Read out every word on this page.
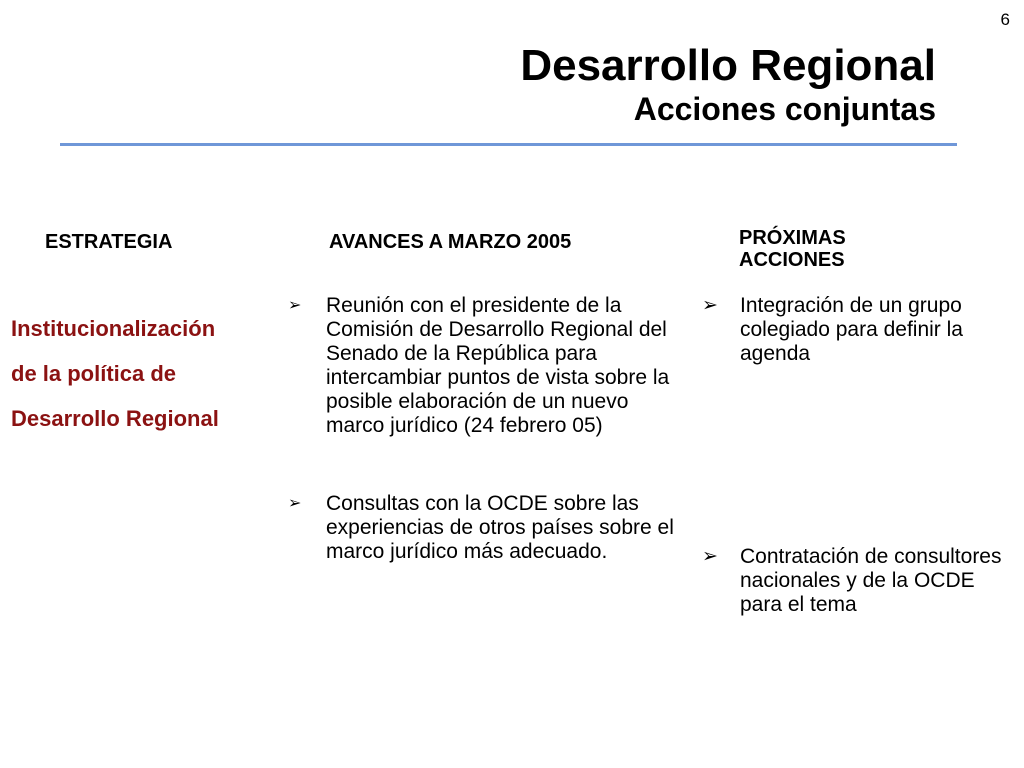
6
Desarrollo Regional
Acciones conjuntas
ESTRATEGIA	AVANCES A MARZO 2005	PRÓXIMAS ACCIONES
Institucionalización
de la política de
Desarrollo Regional
➢ Reunión con el presidente de la Comisión de Desarrollo Regional del Senado de la República para intercambiar puntos de vista sobre la posible elaboración de un nuevo marco jurídico (24 febrero 05)
➢ Consultas con la OCDE sobre las experiencias de otros países sobre el marco jurídico más adecuado.
➢ Integración de un grupo colegiado para definir la agenda
➢ Contratación de consultores nacionales y de la OCDE para el tema
